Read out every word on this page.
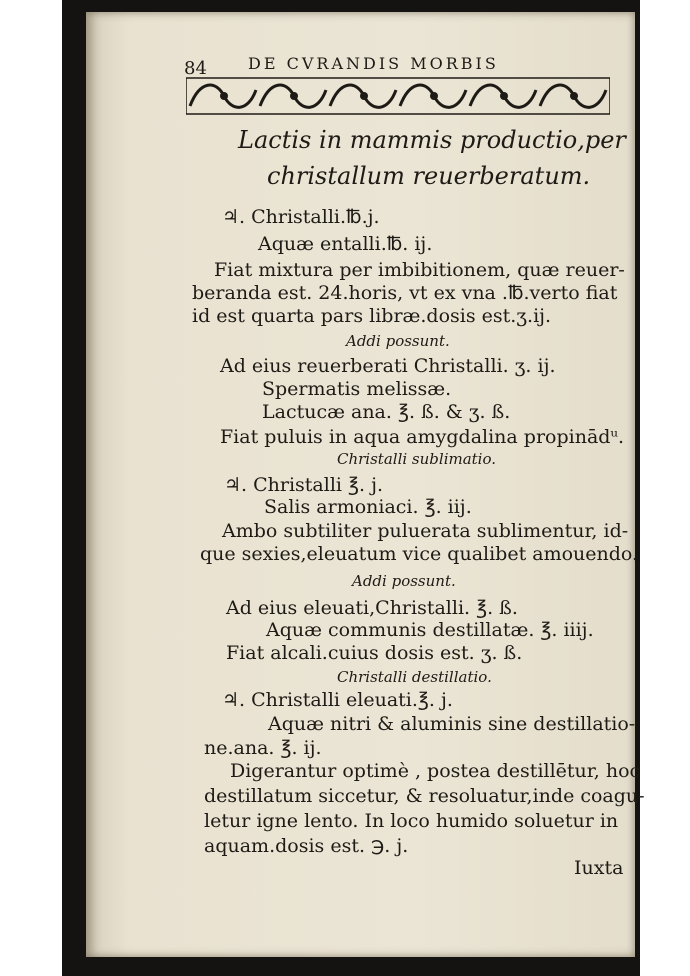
84	DE CVRANDIS MORBIS
Lactis in mammis productio,per
christallum reuerberatum.
♃. Christalli.℔.j.
Aquæ entalli.℔. ij.
Fiat mixtura per imbibitionem, quæ reuer-
beranda est. 24.horis, vt ex vna .℔.verto fiat
id est quarta pars libræ.dosis est.ʒ.ij.
Addi possunt.
Ad eius reuerberati Christalli. ʒ. ij.
Spermatis melissæ.
Lactucæ ana. ℥. ß. & ʒ. ß.
Fiat puluis in aqua amygdalina propinādᵘ.
Christalli sublimatio.
♃. Christalli ℥. j.
Salis armoniaci. ℥. iij.
Ambo subtiliter puluerata sublimentur, id-
que sexies,eleuatum vice qualibet amouendo.
Addi possunt.
Ad eius eleuati,Christalli. ℥. ß.
Aquæ communis destillatæ. ℥. iiij.
Fiat alcali.cuius dosis est. ʒ. ß.
Christalli destillatio.
♃. Christalli eleuati.℥. j.
Aquæ nitri & aluminis sine destillatio-
ne.ana. ℥. ij.
Digerantur optimè , postea destillētur, hoc
destillatum siccetur, & resoluatur,inde coagu-
letur igne lento. In loco humido soluetur in
aquam.dosis est. ℈. j.
Iuxta
